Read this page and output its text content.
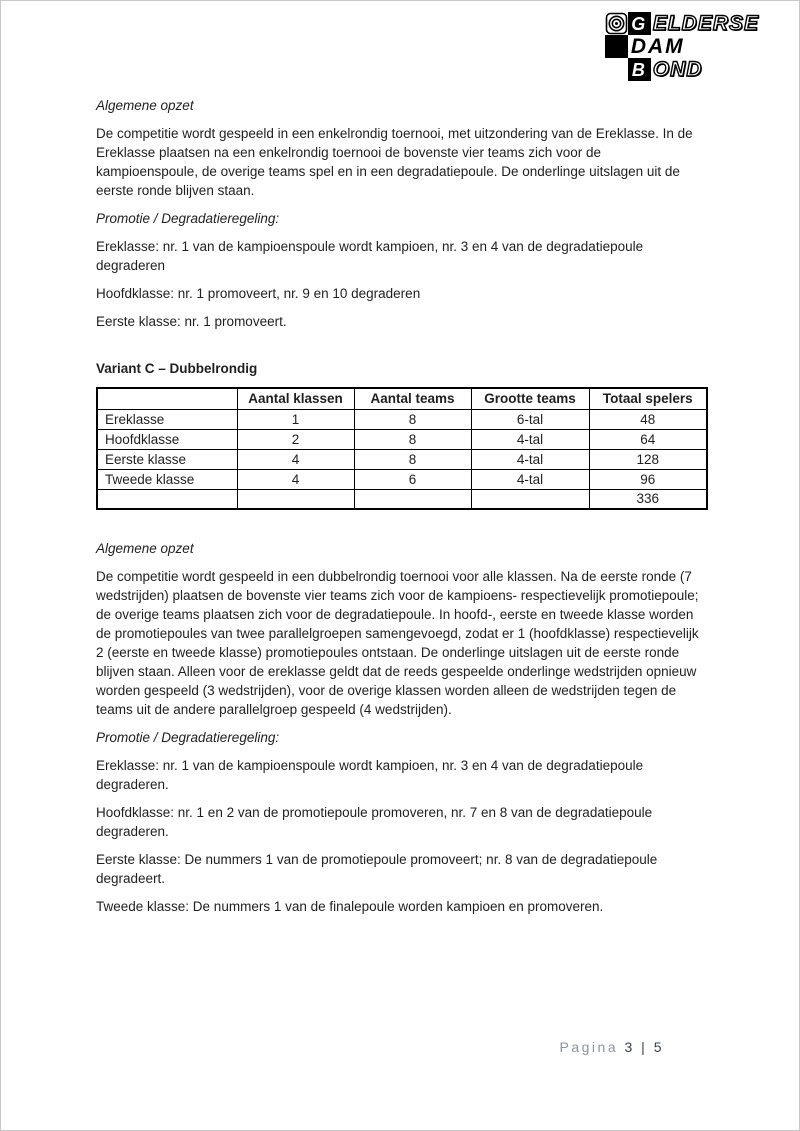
G ELDERSE
DAM
B OND

Algemene opzet

De competitie wordt gespeeld in een enkelrondig toernooi, met uitzondering van de Ereklasse. In de Ereklasse plaatsen na een enkelrondig toernooi de bovenste vier teams zich voor de kampioenspoule, de overige teams spel en in een degradatiepoule. De onderlinge uitslagen uit de eerste ronde blijven staan.

Promotie / Degradatieregeling:

Ereklasse: nr. 1 van de kampioenspoule wordt kampioen, nr. 3 en 4 van de degradatiepoule degraderen

Hoofdklasse: nr. 1 promoveert, nr. 9 en 10 degraderen

Eerste klasse: nr. 1 promoveert.

Variant C – Dubbelrondig

	Aantal klassen	Aantal teams	Grootte teams	Totaal spelers
Ereklasse	1	8	6-tal	48
Hoofdklasse	2	8	4-tal	64
Eerste klasse	4	8	4-tal	128
Tweede klasse	4	6	4-tal	96
				336

Algemene opzet

De competitie wordt gespeeld in een dubbelrondig toernooi voor alle klassen. Na de eerste ronde (7 wedstrijden) plaatsen de bovenste vier teams zich voor de kampioens- respectievelijk promotiepoule; de overige teams plaatsen zich voor de degradatiepoule. In hoofd-, eerste en tweede klasse worden de promotiepoules van twee parallelgroepen samengevoegd, zodat er 1 (hoofdklasse) respectievelijk 2 (eerste en tweede klasse) promotiepoules ontstaan. De onderlinge uitslagen uit de eerste ronde blijven staan. Alleen voor de ereklasse geldt dat de reeds gespeelde onderlinge wedstrijden opnieuw worden gespeeld (3 wedstrijden), voor de overige klassen worden alleen de wedstrijden tegen de teams uit de andere parallelgroep gespeeld (4 wedstrijden).

Promotie / Degradatieregeling:

Ereklasse: nr. 1 van de kampioenspoule wordt kampioen, nr. 3 en 4 van de degradatiepoule degraderen.

Hoofdklasse: nr. 1 en 2 van de promotiepoule promoveren, nr. 7 en 8 van de degradatiepoule degraderen.

Eerste klasse: De nummers 1 van de promotiepoule promoveert; nr. 8 van de degradatiepoule degradeert.

Tweede klasse: De nummers 1 van de finalepoule worden kampioen en promoveren.

Pagina 3 | 5
